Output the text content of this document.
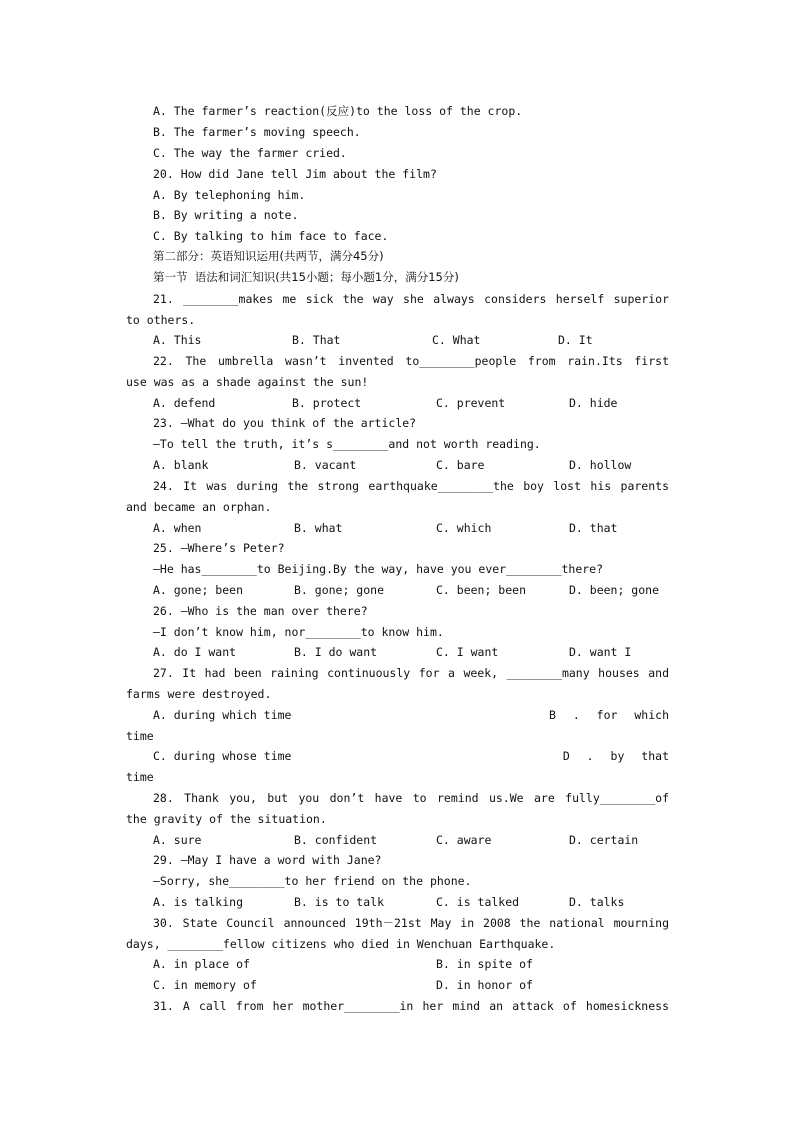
A. The farmer’s reaction(反应)to the loss of the crop.
B. The farmer’s moving speech.
C. The way the farmer cried.
20. How did Jane tell Jim about the film?
A. By telephoning him.
B. By writing a note.
C. By talking to him face to face.
第二部分：英语知识运用(共两节，满分45分)
第一节  语法和词汇知识(共15小题；每小题1分，满分15分)
21. ________makes me sick the way she always considers herself superior
to others.
A. This	B. That	C. What	D. It
22. The umbrella wasn’t invented to________people from rain.Its first
use was as a shade against the sun!
A. defend	B. protect	C. prevent	D. hide
23. —What do you think of the article?
—To tell the truth, it’s s________and not worth reading.
A. blank	B. vacant	C. bare	D. hollow
24. It was during the strong earthquake________the boy lost his parents
and became an orphan.
A. when	B. what	C. which	D. that
25. —Where’s Peter?
—He has________to Beijing.By the way, have you ever________there?
A. gone; been	B. gone; gone	C. been; been	D. been; gone
26. —Who is the man over there?
—I don’t know him, nor________to know him.
A. do I want	B. I do want	C. I want	D. want I
27. It had been raining continuously for a week, ________many houses and
farms were destroyed.
A. during which time	B . for which
time
C. during whose time	D . by that
time
28. Thank you, but you don’t have to remind us.We are fully________of
the gravity of the situation.
A. sure	B. confident	C. aware	D. certain
29. —May I have a word with Jane?
—Sorry, she________to her friend on the phone.
A. is talking	B. is to talk	C. is talked	D. talks
30. State Council announced 19th－21st May in 2008 the national mourning
days, ________fellow citizens who died in Wenchuan Earthquake.
A. in place of	B. in spite of
C. in memory of	D. in honor of
31. A call from her mother________in her mind an attack of homesickness
